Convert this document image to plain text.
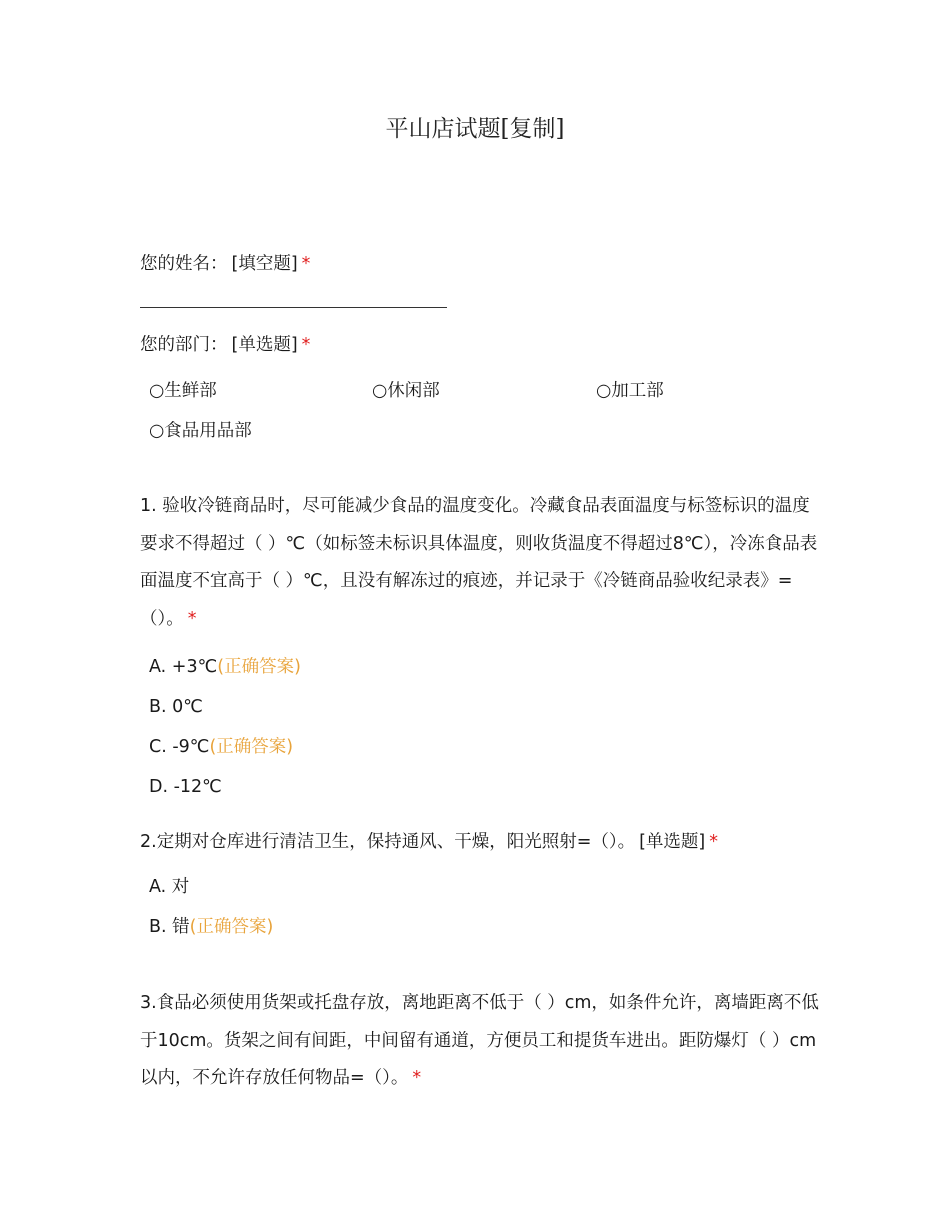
平山店试题[复制]
您的姓名： [填空题] *
您的部门： [单选题] *
○生鲜部	○休闲部	○加工部
○食品用品部
1. 验收冷链商品时，尽可能减少食品的温度变化。冷藏食品表面温度与标签标识的温度要求不得超过（ ）℃（如标签未标识具体温度，则收货温度不得超过8℃），冷冻食品表面温度不宜高于（ ）℃，且没有解冻过的痕迹，并记录于《冷链商品验收纪录表》=（）。 *
A. +3℃(正确答案)
B. 0℃
C. -9℃(正确答案)
D. -12℃
2.定期对仓库进行清洁卫生，保持通风、干燥，阳光照射=（）。 [单选题] *
A. 对
B. 错(正确答案)
3.食品必须使用货架或托盘存放，离地距离不低于（ ）cm，如条件允许，离墙距离不低于10cm。货架之间有间距，中间留有通道，方便员工和提货车进出。距防爆灯（ ）cm以内，不允许存放任何物品=（）。 *
